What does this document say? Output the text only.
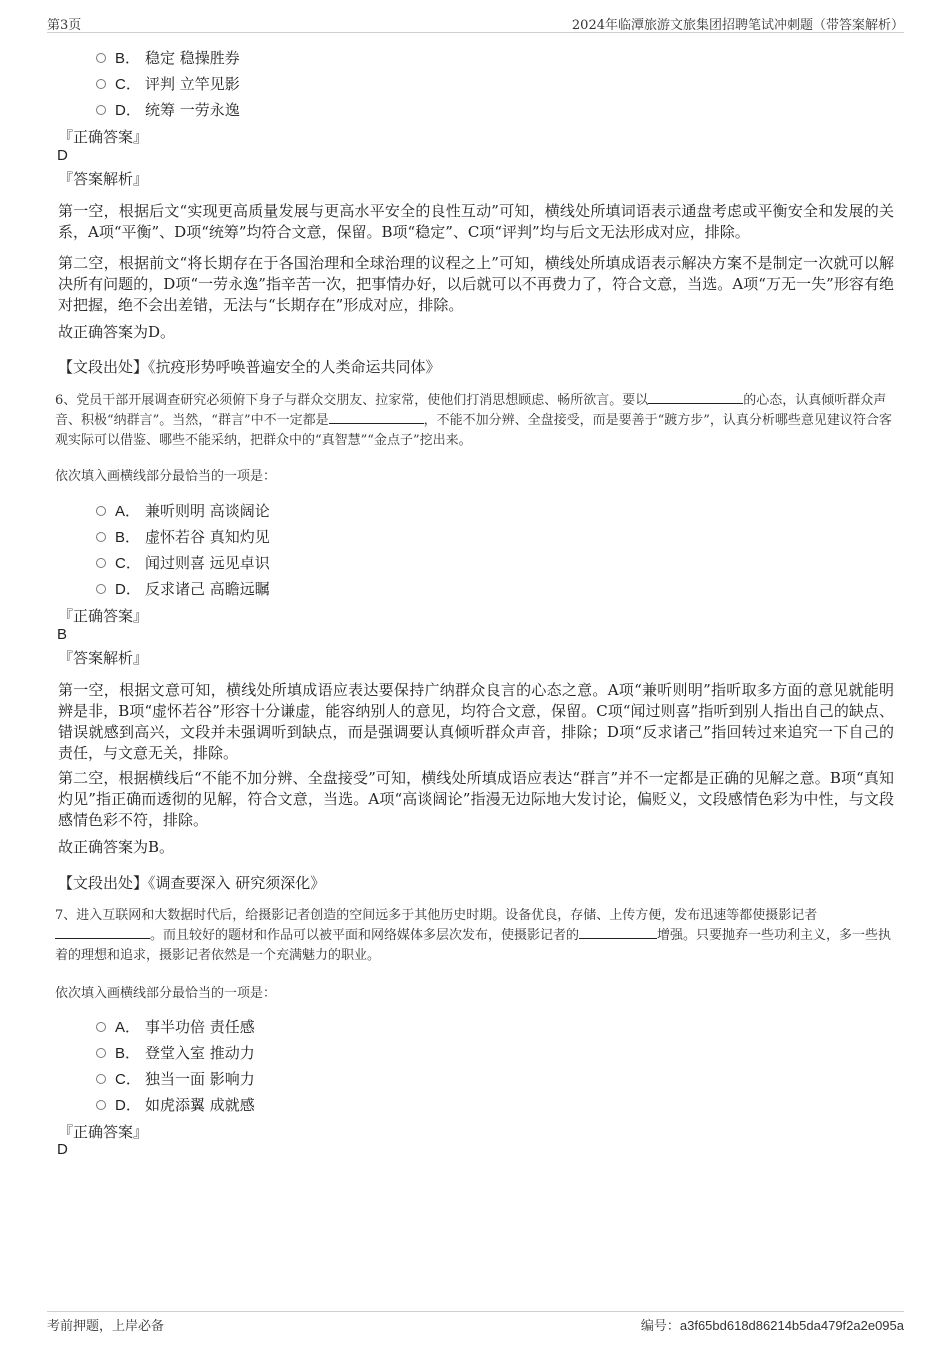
第3页	2024年临潭旅游文旅集团招聘笔试冲刺题（带答案解析）
B． 稳定 稳操胜券
C． 评判 立竿见影
D． 统筹 一劳永逸
『正确答案』
D
『答案解析』
第一空，根据后文“实现更高质量发展与更高水平安全的良性互动”可知，横线处所填词语表示通盘考虑或平衡安全和发展的关系，A项“平衡”、D项“统筹”均符合文意，保留。B项“稳定”、C项“评判”均与后文无法形成对应，排除。
第二空，根据前文“将长期存在于各国治理和全球治理的议程之上”可知，横线处所填成语表示解决方案不是制定一次就可以解决所有问题的，D项“一劳永逸”指辛苦一次，把事情办好，以后就可以不再费力了，符合文意，当选。A项“万无一失”形容有绝对把握，绝不会出差错，无法与“长期存在”形成对应，排除。
故正确答案为D。
【文段出处】《抗疫形势呼唤普遍安全的人类命运共同体》
6、党员干部开展调查研究必须俯下身子与群众交朋友、拉家常，使他们打消思想顾虑、畅所欲言。要以	的心态，认真倾听群众声音、积极“纳群言”。当然，“群言”中不一定都是	，不能不加分辨、全盘接受，而是要善于“踱方步”，认真分析哪些意见建议符合客观实际可以借鉴、哪些不能采纳，把群众中的“真智慧”“金点子”挖出来。
依次填入画横线部分最恰当的一项是：
A． 兼听则明 高谈阔论
B． 虚怀若谷 真知灼见
C． 闻过则喜 远见卓识
D． 反求诸己 高瞻远瞩
『正确答案』
B
『答案解析』
第一空，根据文意可知，横线处所填成语应表达要保持广纳群众良言的心态之意。A项“兼听则明”指听取多方面的意见就能明辨是非，B项“虚怀若谷”形容十分谦虚，能容纳别人的意见，均符合文意，保留。C项“闻过则喜”指听到别人指出自己的缺点、错误就感到高兴，文段并未强调听到缺点，而是强调要认真倾听群众声音，排除；D项“反求诸己”指回转过来追究一下自己的责任，与文意无关，排除。
第二空，根据横线后“不能不加分辨、全盘接受”可知，横线处所填成语应表达“群言”并不一定都是正确的见解之意。B项“真知灼见”指正确而透彻的见解，符合文意，当选。A项“高谈阔论”指漫无边际地大发讨论，偏贬义，文段感情色彩为中性，与文段感情色彩不符，排除。
故正确答案为B。
【文段出处】《调查要深入 研究须深化》
7、进入互联网和大数据时代后，给摄影记者创造的空间远多于其他历史时期。设备优良，存储、上传方便，发布迅速等都使摄影记者。而且较好的题材和作品可以被平面和网络媒体多层次发布，使摄影记者的	增强。只要抛弃一些功利主义，多一些执着的理想和追求，摄影记者依然是一个充满魅力的职业。
依次填入画横线部分最恰当的一项是：
A． 事半功倍 责任感
B． 登堂入室 推动力
C． 独当一面 影响力
D． 如虎添翼 成就感
『正确答案』
D
考前押题，上岸必备	编号：a3f65bd618d86214b5da479f2a2e095a
